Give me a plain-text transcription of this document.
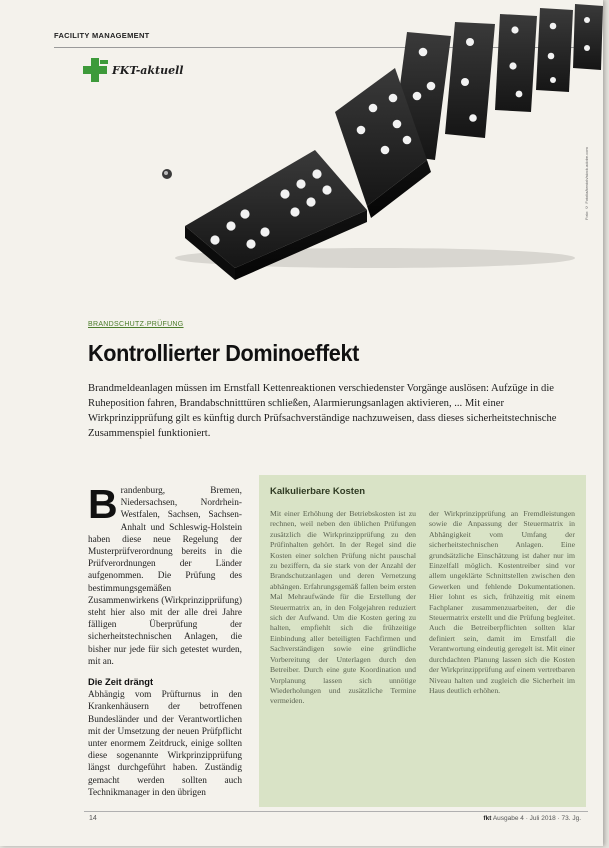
FACILITY MANAGEMENT
FKT-aktuell
Foto: © Fotolia/kentoh/stock.adobe.com
BRANDSCHUTZ·PRÜFUNG
Kontrollierter Dominoeffekt
Brandmeldeanlagen müssen im Ernstfall Kettenreaktionen verschiedenster Vorgänge auslösen: Aufzüge in die Ruheposition fahren, Brandabschnitttüren schließen, Alarmierungsanlagen aktivieren, ... Mit einer Wirkprinzipprüfung gilt es künftig durch Prüfsachverständige nachzuweisen, dass dieses sicherheitstechnische Zusammenspiel funktioniert.
Brandenburg, Bremen, Niedersachsen, Nordrhein-Westfalen, Sachsen, Sachsen-Anhalt und Schleswig-Holstein haben diese neue Regelung der Musterprüfverordnung bereits in die Prüfverordnungen der Länder aufgenommen. Die Prüfung des bestimmungsgemäßen Zusammenwirkens (Wirkprinzipprüfung) steht hier also mit der alle drei Jahre fälligen Überprüfung der sicherheitstechnischen Anlagen, die bisher nur jede für sich getestet wurden, mit an.
Die Zeit drängt
Abhängig vom Prüfturnus in den Krankenhäusern der betroffenen Bundesländer und der Verantwortlichen mit der Umsetzung der neuen Prüfpflicht unter enormem Zeitdruck, einige sollten diese sogenannte Wirkprinzipprüfung längst durchgeführt haben. Zuständig gemacht werden sollten auch Technikmanager in den übrigen
Kalkulierbare Kosten
Mit einer Erhöhung der Betriebskosten ist zu rechnen, weil neben den üblichen Prüfungen zusätzlich die Wirkprinzipprüfung zu den Prüfinhalten gehört. In der Regel sind die Kosten einer solchen Prüfung nicht pauschal zu beziffern, da sie stark von der Anzahl der Brandschutzanlagen und deren Vernetzung abhängen. Erfahrungsgemäß fallen beim ersten Mal Mehraufwände für die Erstellung der Steuermatrix an, in den Folgejahren reduziert sich der Aufwand. Um die Kosten gering zu halten, empfiehlt sich die frühzeitige Einbindung aller beteiligten Fachfirmen und Sachverständigen sowie eine gründliche Vorbereitung der Unterlagen durch den Betreiber. Durch eine gute Koordination und Vorplanung lassen sich unnötige Wiederholungen und zusätzliche Termine vermeiden.
der Wirkprinzipprüfung an Fremdleistungen sowie die Anpassung der Steuermatrix in Abhängigkeit vom Umfang der sicherheitstechnischen Anlagen. Eine grundsätzliche Einschätzung ist daher nur im Einzelfall möglich. Kostentreiber sind vor allem ungeklärte Schnittstellen zwischen den Gewerken und fehlende Dokumentationen. Hier lohnt es sich, frühzeitig mit einem Fachplaner zusammenzuarbeiten, der die Steuermatrix erstellt und die Prüfung begleitet. Auch die Betreiberpflichten sollten klar definiert sein, damit im Ernstfall die Verantwortung eindeutig geregelt ist. Mit einer durchdachten Planung lassen sich die Kosten der Wirkprinzipprüfung auf einem vertretbaren Niveau halten und zugleich die Sicherheit im Haus deutlich erhöhen.
14	fkt Ausgabe 4 · Juli 2018 · 73. Jg.
